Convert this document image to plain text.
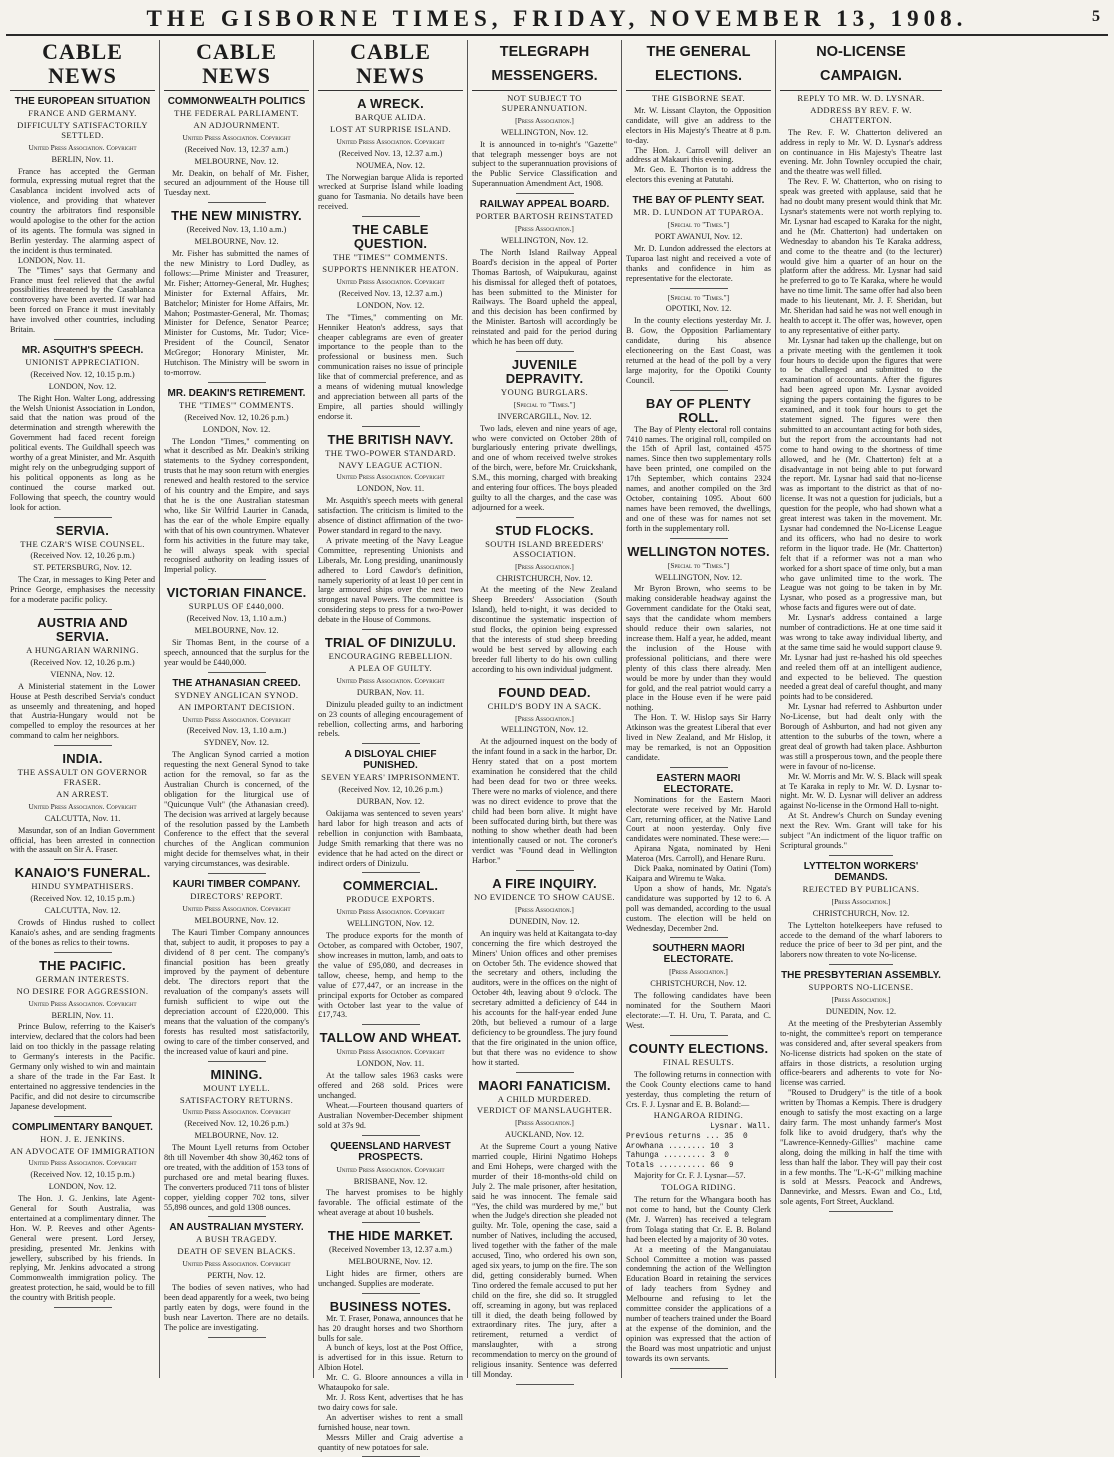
THE GISBORNE TIMES, FRIDAY, NOVEMBER 13, 1908.	5
CABLE NEWS
THE EUROPEAN SITUATION
FRANCE AND GERMANY.
DIFFICULTY SATISFACTORILY SETTLED.
United Press Association. Copyright
BERLIN, Nov. 11.

France has accepted the German formula, expressing mutual regret that the Casablanca incident involved acts of violence, and providing that whatever country the arbitrators find responsible would apologise to the other for the action of its agents. The formula was signed in Berlin yesterday. The alarming aspect of the incident is thus terminated.

LONDON, Nov. 11.

The "Times" says that Germany and France must feel relieved that the awful possibilities threatened by the Casablanca controversy have been averted. If war had been forced on France it must inevitably have involved other countries, including Britain.

MR. ASQUITH'S SPEECH.
UNIONIST APPRECIATION.
(Received Nov. 12, 10.15 p.m.)
LONDON, Nov. 12.

The Right Hon. Walter Long, addressing the Welsh Unionist Association in London, said that the nation was proud of the determination and strength wherewith the Government had faced recent foreign political events. The Guildhall speech was worthy of a great Minister, and Mr. Asquith might rely on the unbegrudging support of his political opponents as long as he continued the course marked out. Following that speech, the country would look for action.

SERVIA.
THE CZAR'S WISE COUNSEL.
(Received Nov. 12, 10.26 p.m.)
ST. PETERSBURG, Nov. 12.

The Czar, in messages to King Peter and Prince George, emphasises the necessity for a moderate pacific policy.

AUSTRIA AND SERVIA.
A HUNGARIAN WARNING.
(Received Nov. 12, 10.26 p.m.)
VIENNA, Nov. 12.

A Ministerial statement in the Lower House at Pesth described Servia's conduct as unseemly and threatening, and hoped that Austria-Hungary would not be compelled to employ the resources at her command to calm her neighbors.

INDIA.
THE ASSAULT ON GOVERNOR FRASER.
AN ARREST.
United Press Association. Copyright
CALCUTTA, Nov. 11.

Masundar, son of an Indian Government official, has been arrested in connection with the assault on Sir A. Fraser.

KANAIO'S FUNERAL.
HINDU SYMPATHISERS.
(Received Nov. 12, 10.15 p.m.)
CALCUTTA, Nov. 12.

Crowds of Hindus rushed to collect Kanaio's ashes, and are sending fragments of the bones as relics to their towns.

THE PACIFIC.
GERMAN INTERESTS.
NO DESIRE FOR AGGRESSION.
United Press Association. Copyright
BERLIN, Nov. 11.

Prince Bulow, referring to the Kaiser's interview, declared that the colors had been laid on too thickly in the passage relating to Germany's interests in the Pacific. Germany only wished to win and maintain a share of the trade in the Far East. It entertained no aggressive tendencies in the Pacific, and did not desire to circumscribe Japanese development.

COMPLIMENTARY BANQUET.
HON. J. E. JENKINS.
AN ADVOCATE OF IMMIGRATION
United Press Association. Copyright
(Received Nov. 12, 10.15 p.m.)
LONDON, Nov. 12.

The Hon. J. G. Jenkins, late Agent-General for South Australia, was entertained at a complimentary dinner. The Hon. W. P. Reeves and other Agents-General were present. Lord Jersey, presiding, presented Mr. Jenkins with jewellery, subscribed by his friends. In replying, Mr. Jenkins advocated a strong Commonwealth immigration policy. The greatest protection, he said, would be to fill the country with British people.

CABLE NEWS
COMMONWEALTH POLITICS
THE FEDERAL PARLIAMENT.
AN ADJOURNMENT.
United Press Association. Copyright
(Received Nov. 13, 12.37 a.m.)
MELBOURNE, Nov. 12.

Mr. Deakin, on behalf of Mr. Fisher, secured an adjournment of the House till Tuesday next.

THE NEW MINISTRY.
(Received Nov. 13, 1.10 a.m.)
MELBOURNE, Nov. 12.

Mr. Fisher has submitted the names of the new Ministry to Lord Dudley, as follows:—Prime Minister and Treasurer, Mr. Fisher; Attorney-General, Mr. Hughes; Minister for External Affairs, Mr. Batchelor; Minister for Home Affairs, Mr. Mahon; Postmaster-General, Mr. Thomas; Minister for Defence, Senator Pearce; Minister for Customs, Mr. Tudor; Vice-President of the Council, Senator McGregor; Honorary Minister, Mr. Hutchison. The Ministry will be sworn in to-morrow.

MR. DEAKIN'S RETIREMENT.
THE "TIMES'" COMMENTS.
(Received Nov. 12, 10.26 p.m.)
LONDON, Nov. 12.

The London "Times," commenting on what it described as Mr. Deakin's striking statements to the Sydney correspondent, trusts that he may soon return with energies renewed and health restored to the service of his country and the Empire, and says that he is the one Australian statesman who, like Sir Wilfrid Laurier in Canada, has the ear of the whole Empire equally with that of his own countrymen. Whatever form his activities in the future may take, he will always speak with special recognised authority on leading issues of Imperial policy.

VICTORIAN FINANCE.
SURPLUS OF £440,000.
(Received Nov. 13, 1.10 a.m.)
MELBOURNE, Nov. 12.

Sir Thomas Bent, in the course of a speech, announced that the surplus for the year would be £440,000.

THE ATHANASIAN CREED.
SYDNEY ANGLICAN SYNOD.
AN IMPORTANT DECISION.
United Press Association. Copyright
(Received Nov. 13, 1.10 a.m.)
SYDNEY, Nov. 12.

The Anglican Synod carried a motion requesting the next General Synod to take action for the removal, so far as the Australian Church is concerned, of the obligation for the liturgical use of "Quicunque Vult" (the Athanasian creed). The decision was arrived at largely because of the resolution passed by the Lambeth Conference to the effect that the several churches of the Anglican communion might decide for themselves what, in their varying circumstances, was desirable.

KAURI TIMBER COMPANY.
DIRECTORS' REPORT.
United Press Association. Copyright
MELBOURNE, Nov. 12.

The Kauri Timber Company announces that, subject to audit, it proposes to pay a dividend of 8 per cent. The company's financial position has been greatly improved by the payment of debenture debt. The directors report that the revaluation of the company's assets will furnish sufficient to wipe out the depreciation account of £220,000. This means that the valuation of the company's forests has resulted most satisfactorily, owing to care of the timber conserved, and the increased value of kauri and pine.

MINING.
MOUNT LYELL.
SATISFACTORY RETURNS.
United Press Association. Copyright
(Received Nov. 12, 10.26 p.m.)
MELBOURNE, Nov. 12.

The Mount Lyell returns from October 8th till November 4th show 30,462 tons of ore treated, with the addition of 153 tons of purchased ore and metal bearing fluxes. The converters produced 711 tons of blister copper, yielding copper 702 tons, silver 55,898 ounces, and gold 1308 ounces.

AN AUSTRALIAN MYSTERY.
A BUSH TRAGEDY.
DEATH OF SEVEN BLACKS.
United Press Association. Copyright
PERTH, Nov. 12.

The bodies of seven natives, who had been dead apparently for a week, two being partly eaten by dogs, were found in the bush near Laverton. There are no details. The police are investigating.

CABLE NEWS
A WRECK.
BARQUE ALIDA.
LOST AT SURPRISE ISLAND.
United Press Association. Copyright
(Received Nov. 13, 12.37 a.m.)
NOUMEA, Nov. 12.

The Norwegian barque Alida is reported wrecked at Surprise Island while loading guano for Tasmania. No details have been received.

THE CABLE QUESTION.
THE "TIMES'" COMMENTS.
SUPPORTS HENNIKER HEATON.
United Press Association. Copyright
(Received Nov. 13, 12.37 a.m.)
LONDON, Nov. 12.

The "Times," commenting on Mr. Henniker Heaton's address, says that cheaper cablegrams are even of greater importance to the people than to the professional or business men. Such communication raises no issue of principle like that of commercial preference, and as a means of widening mutual knowledge and appreciation between all parts of the Empire, all parties should willingly endorse it.

THE BRITISH NAVY.
THE TWO-POWER STANDARD.
NAVY LEAGUE ACTION.
United Press Association. Copyright
LONDON, Nov. 11.

Mr. Asquith's speech meets with general satisfaction. The criticism is limited to the absence of distinct affirmation of the two-Power standard in regard to the navy.

A private meeting of the Navy League Committee, representing Unionists and Liberals, Mr. Long presiding, unanimously adhered to Lord Cawdor's definition, namely superiority of at least 10 per cent in large armoured ships over the next two strongest naval Powers. The committee is considering steps to press for a two-Power debate in the House of Commons.

TRIAL OF DINIZULU.
ENCOURAGING REBELLION.
A PLEA OF GUILTY.
United Press Association. Copyright
DURBAN, Nov. 11.

Dinizulu pleaded guilty to an indictment on 23 counts of alleging encouragement of rebellion, collecting arms, and harboring rebels.

A DISLOYAL CHIEF PUNISHED.
SEVEN YEARS' IMPRISONMENT.
(Received Nov. 12, 10.26 p.m.)
DURBAN, Nov. 12.

Oakijama was sentenced to seven years' hard labor for high treason and acts of rebellion in conjunction with Bambaata, Judge Smith remarking that there was no evidence that he had acted on the direct or indirect orders of Dinizulu.

COMMERCIAL.
PRODUCE EXPORTS.
United Press Association. Copyright
WELLINGTON, Nov. 12.

The produce exports for the month of October, as compared with October, 1907, show increases in mutton, lamb, and oats to the value of £95,080, and decreases in tallow, cheese, hemp, and hemp to the value of £77,447, or an increase in the principal exports for October as compared with October last year to the value of £17,743.

TALLOW AND WHEAT.
United Press Association. Copyright
LONDON, Nov. 11.

At the tallow sales 1963 casks were offered and 268 sold. Prices were unchanged.

Wheat.—Fourteen thousand quarters of Australian November-December shipment sold at 37s 9d.

QUEENSLAND HARVEST PROSPECTS.
United Press Association. Copyright
BRISBANE, Nov. 12.

The harvest promises to be highly favorable. The official estimate of the wheat average at about 10 bushels.

THE HIDE MARKET.
(Received November 13, 12.37 a.m.)
MELBOURNE, Nov. 12.

Light hides are firmer, others are unchanged. Supplies are moderate.

BUSINESS NOTES.

Mr. T. Fraser, Ponawa, announces that he has 20 draught horses and two Shorthorn bulls for sale.

A bunch of keys, lost at the Post Office, is advertised for in this issue. Return to Albion Hotel.

Mr. C. G. Bloore announces a villa in Whataupoko for sale.

Mr. J. Ross Kent, advertises that he has two dairy cows for sale.

An advertiser wishes to rent a small furnished house, near town.

Messrs Miller and Craig advertise a quantity of new potatoes for sale.

TELEGRAPH MESSENGERS.
NOT SUBJECT TO SUPERANNUATION.
[Press Association.]
WELLINGTON, Nov. 12.

It is announced in to-night's "Gazette" that telegraph messenger boys are not subject to the superannuation provisions of the Public Service Classification and Superannuation Amendment Act, 1908.

RAILWAY APPEAL BOARD.
PORTER BARTOSH REINSTATED
[Press Association.]
WELLINGTON, Nov. 12.

The North Island Railway Appeal Board's decision in the appeal of Porter Thomas Bartosh, of Waipukurau, against his dismissal for alleged theft of potatoes, has been submitted to the Minister for Railways. The Board upheld the appeal, and this decision has been confirmed by the Minister. Bartosh will accordingly be reinstated and paid for the period during which he has been off duty.

JUVENILE DEPRAVITY.
YOUNG BURGLARS.
[Special to "Times."]
INVERCARGILL, Nov. 12.

Two lads, eleven and nine years of age, who were convicted on October 28th of burglariously entering private dwellings, and one of whom received twelve strokes of the birch, were, before Mr. Cruickshank, S.M., this morning, charged with breaking and entering four offices. The boys pleaded guilty to all the charges, and the case was adjourned for a week.

STUD FLOCKS.
SOUTH ISLAND BREEDERS' ASSOCIATION.
[Press Association.]
CHRISTCHURCH, Nov. 12.

At the meeting of the New Zealand Sheep Breeders' Association (South Island), held to-night, it was decided to discontinue the systematic inspection of stud flocks, the opinion being expressed that the interests of stud sheep breeding would be best served by allowing each breeder full liberty to do his own culling according to his own individual judgment.

FOUND DEAD.
CHILD'S BODY IN A SACK.
[Press Association.]
WELLINGTON, Nov. 12.

At the adjourned inquest on the body of the infant found in a sack in the harbor, Dr. Henry stated that on a post mortem examination he considered that the child had been dead for two or three weeks. There were no marks of violence, and there was no direct evidence to prove that the child had been born alive. It might have been suffocated during birth, but there was nothing to show whether death had been intentionally caused or not. The coroner's verdict was "Found dead in Wellington Harbor."

A FIRE INQUIRY.
NO EVIDENCE TO SHOW CAUSE.
[Press Association.]
DUNEDIN, Nov. 12.

An inquiry was held at Kaitangata to-day concerning the fire which destroyed the Miners' Union offices and other premises on October 5th. The evidence showed that the secretary and others, including the auditors, were in the offices on the night of October 4th, leaving about 9 o'clock. The secretary admitted a deficiency of £44 in his accounts for the half-year ended June 20th, but believed a rumour of a large deficiency to be groundless. The jury found that the fire originated in the union office, but that there was no evidence to show how it started.

MAORI FANATICISM.
A CHILD MURDERED.
VERDICT OF MANSLAUGHTER.
[Press Association.]
AUCKLAND, Nov. 12.

At the Supreme Court a young Native married couple, Hirini Ngatimo Hoheps and Emi Hoheps, were charged with the murder of their 18-months-old child on July 2. The male prisoner, after hesitation, said he was innocent. The female said "Yes, the child was murdered by me," but when the Judge's direction she pleaded not guilty. Mr. Tole, opening the case, said a number of Natives, including the accused, lived together with the father of the male accused, Tino, who ordered his own son, aged six years, to jump on the fire. The son did, getting considerably burned. When Tino ordered the female accused to put her child on the fire, she did so. It struggled off, screaming in agony, but was replaced till it died, the death being followed by extraordinary rites. The jury, after a retirement, returned a verdict of manslaughter, with a strong recommendation to mercy on the ground of religious insanity. Sentence was deferred till Monday.

THE GENERAL ELECTIONS.
THE GISBORNE SEAT.

Mr. W. Lissant Clayton, the Opposition candidate, will give an address to the electors in His Majesty's Theatre at 8 p.m. to-day.

The Hon. J. Carroll will deliver an address at Makauri this evening.

Mr. Geo. E. Thorton is to address the electors this evening at Patutahi.

THE BAY OF PLENTY SEAT.
MR. D. LUNDON AT TUPAROA.
[Special to "Times."]
PORT AWANUI, Nov. 12.

Mr. D. Lundon addressed the electors at Tuparoa last night and received a vote of thanks and confidence in him as representative for the electorate.

[Special to "Times."]
OPOTIKI, Nov. 12.

In the county elections yesterday Mr. J. B. Gow, the Opposition Parliamentary candidate, during his absence electioneering on the East Coast, was returned at the head of the poll by a very large majority, for the Opotiki County Council.

BAY OF PLENTY ROLL.

The Bay of Plenty electoral roll contains 7410 names. The original roll, compiled on the 15th of April last, contained 4575 names. Since then two supplementary rolls have been printed, one compiled on the 17th September, which contains 2324 names, and another compiled on the 3rd October, containing 1095. About 600 names have been removed, the dwellings, and one of these was for names not set forth in the supplementary roll.

WELLINGTON NOTES.
[Special to "Times."]
WELLINGTON, Nov. 12.

Mr Byron Brown, who seems to be making considerable headway against the Government candidate for the Otaki seat, says that the candidate whom members should reduce their own salaries, not increase them. Half a year, he added, meant the inclusion of the House with professional politicians, and there were plenty of this class there already. Men would be more by under than they would for gold, and the real patriot would carry a place in the House even if he were paid nothing.

The Hon. T. W. Hislop says Sir Harry Atkinson was the greatest Liberal that ever lived in New Zealand, and Mr Hislop, it may be remarked, is not an Opposition candidate.

EASTERN MAORI ELECTORATE.

Nominations for the Eastern Maori electorate were received by Mr. Harold Carr, returning officer, at the Native Land Court at noon yesterday. Only five candidates were nominated. These were:—

Apirana Ngata, nominated by Heni Materoa (Mrs. Carroll), and Henare Ruru.

Dick Paaka, nominated by Oatini (Tom) Kaipara and Wiremu te Waka.

Upon a show of hands, Mr. Ngata's candidature was supported by 12 to 6. A poll was demanded, according to the usual custom. The election will be held on Wednesday, December 2nd.

SOUTHERN MAORI ELECTORATE.
[Press Association.]
CHRISTCHURCH, Nov. 12.

The following candidates have been nominated for the Southern Maori electorate:—T. H. Uru, T. Parata, and C. West.

COUNTY ELECTIONS.
FINAL RESULTS.

The following returns in connection with the Cook County elections came to hand yesterday, thus completing the return of Crs. F. J. Lysnar and E. B. Boland:—

HANGAROA RIDING.
Lysnar. Wall.
Previous returns ... 35  0
Arowhana ........ 10  3
Tahunga ......... 3  0
Totals .......... 66  9

Majority for Cr. F. J. Lysnar—57.

TOLOGA RIDING.

The return for the Whangara booth has not come to hand, but the County Clerk (Mr. J. Warren) has received a telegram from Tolaga stating that Cr. E. B. Boland had been elected by a majority of 30 votes.

At a meeting of the Manganuiatau School Committee a motion was passed condemning the action of the Wellington Education Board in retaining the services of lady teachers from Sydney and Melbourne and refusing to let the committee consider the applications of a number of teachers trained under the Board at the expense of the dominion, and the opinion was expressed that the action of the Board was most unpatriotic and unjust towards its own servants.

NO-LICENSE CAMPAIGN.
REPLY TO MR. W. D. LYSNAR.
ADDRESS BY REV. F. W. CHATTERTON.

The Rev. F. W. Chatterton delivered an address in reply to Mr. W. D. Lysnar's address on continuance in His Majesty's Theatre last evening. Mr. John Townley occupied the chair, and the theatre was well filled.

The Rev. F. W. Chatterton, who on rising to speak was greeted with applause, said that he had no doubt many present would think that Mr. Lysnar's statements were not worth replying to. Mr. Lysnar had escaped to Karaka for the night, and he (Mr. Chatterton) had undertaken on Wednesday to abandon his Te Karaka address, and come to the theatre and (to the lecturer) would give him a quarter of an hour on the platform after the address. Mr. Lysnar had said he preferred to go to Te Karaka, where he would have no time limit. The same offer had also been made to his lieutenant, Mr. J. F. Sheridan, but Mr. Sheridan had said he was not well enough in health to accept it. The offer was, however, open to any representative of either party.

Mr. Lysnar had taken up the challenge, but on a private meeting with the gentlemen it took four hours to decide upon the figures that were to be challenged and submitted to the examination of accountants. After the figures had been agreed upon Mr. Lysnar avoided signing the papers containing the figures to be examined, and it took four hours to get the statement signed. The figures were then submitted to an accountant acting for both sides, but the report from the accountants had not come to hand owing to the shortness of time allowed, and he (Mr. Chatterton) felt at a disadvantage in not being able to put forward the report. Mr. Lysnar had said that no-license was as important to the district as that of no-license. It was not a question for judicials, but a question for the people, who had shown what a great interest was taken in the movement. Mr. Lysnar had condemned the No-License League and its officers, who had no desire to work reform in the liquor trade. He (Mr. Chatterton) felt that if a reformer was not a man who worked for a short space of time only, but a man who gave unlimited time to the work. The League was not going to be taken in by Mr. Lysnar, who posed as a progressive man, but whose facts and figures were out of date.

Mr. Lysnar's address contained a large number of contradictions. He at one time said it was wrong to take away individual liberty, and at the same time said he would support clause 9. Mr. Lysnar had just re-hashed his old speeches and reeled them off at an intelligent audience, and expected to be believed. The question needed a great deal of careful thought, and many points had to be considered.

Mr. Lysnar had referred to Ashburton under No-License, but had dealt only with the Borough of Ashburton, and had not given any attention to the suburbs of the town, where a great deal of growth had taken place. Ashburton was still a prosperous town, and the people there were in favour of no-license.

Mr. W. Morris and Mr. W. S. Black will speak at Te Karaka in reply to Mr. W. D. Lysnar to-night. Mr. W. D. Lysnar will deliver an address against No-license in the Ormond Hall to-night.

At St. Andrew's Church on Sunday evening next the Rev. Wm. Grant will take for his subject "An indictment of the liquor traffic on Scriptural grounds."

LYTTELTON WORKERS' DEMANDS.
REJECTED BY PUBLICANS.
[Press Association.]
CHRISTCHURCH, Nov. 12.

The Lyttelton hotelkeepers have refused to accede to the demand of the wharf laborers to reduce the price of beer to 3d per pint, and the laborers now threaten to vote No-license.

THE PRESBYTERIAN ASSEMBLY.
SUPPORTS NO-LICENSE.
[Press Association.]
DUNEDIN, Nov. 12.

At the meeting of the Presbyterian Assembly to-night, the committee's report on temperance was considered and, after several speakers from No-license districts had spoken on the state of affairs in those districts, a resolution urging office-bearers and adherents to vote for No-license was carried.

"Roused to Drudgery" is the title of a book written by Thomas a Kempis. There is drudgery enough to satisfy the most exacting on a large dairy farm. The most unhandy farmer's Most folk like to avoid drudgery, that's why the "Lawrence-Kennedy-Gillies" machine came along, doing the milking in half the time with less than half the labor. They will pay their cost in a few months. The "L-K-G" milking machine is sold at Messrs. Peacock and Andrews, Dannevirke, and Messrs. Ewan and Co., Ltd, sole agents, Fort Street, Auckland.
